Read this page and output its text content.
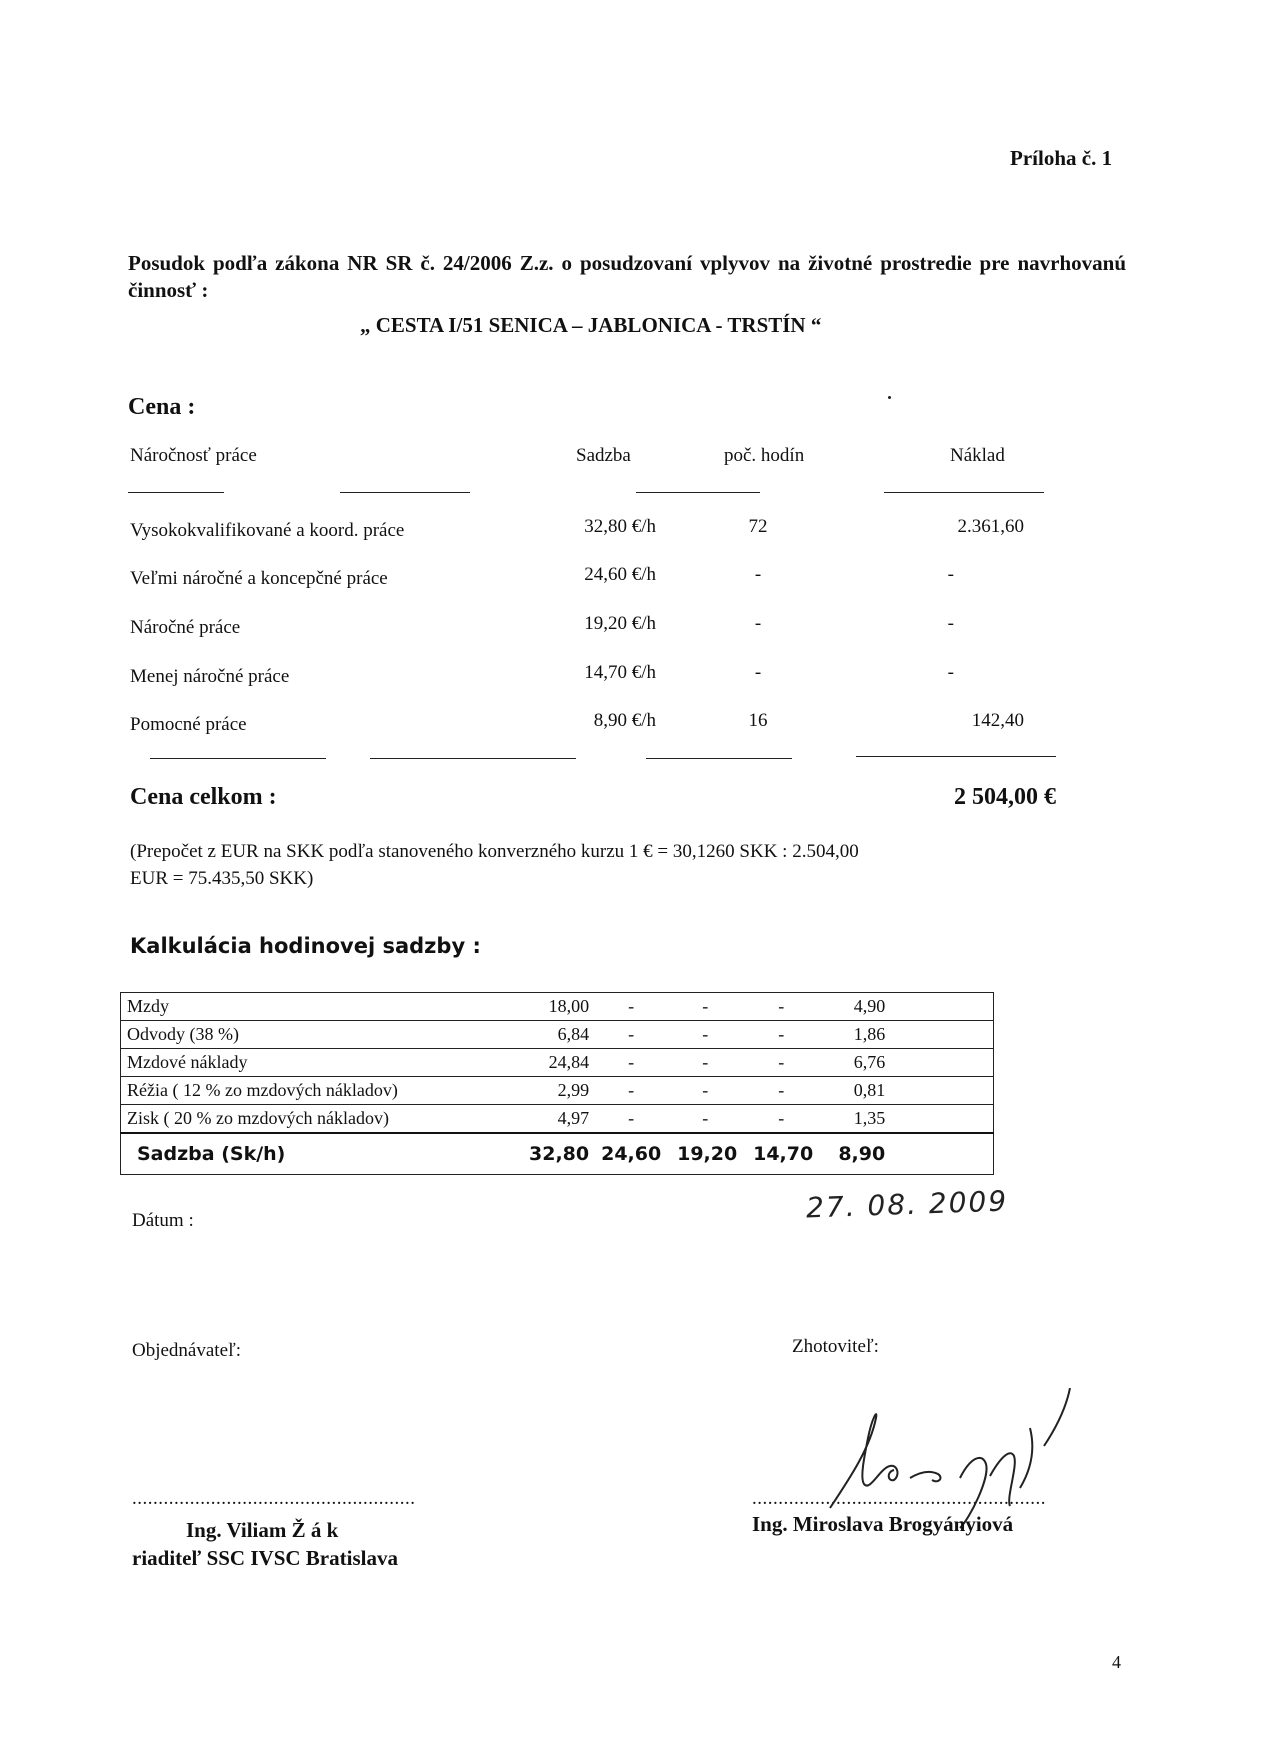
Príloha č. 1
Posudok podľa zákona NR SR č. 24/2006 Z.z. o posudzovaní vplyvov na životné prostredie pre navrhovanú činnosť :
„ CESTA I/51 SENICA – JABLONICA - TRSTÍN “
Cena :
Náročnosť práce	Sadzba	poč. hodín	Náklad
Vysokokvalifikované a koord. práce	32,80 €/h	72	2.361,60
Veľmi náročné a koncepčné práce	24,60 €/h	-	-
Náročné práce	19,20 €/h	-	-
Menej náročné práce	14,70 €/h	-	-
Pomocné práce	8,90 €/h	16	142,40
Cena celkom :	2 504,00 €
(Prepočet z EUR na SKK podľa stanoveného konverzného kurzu 1 € = 30,1260 SKK : 2.504,00 EUR = 75.435,50 SKK)
Kalkulácia hodinovej sadzby :
Mzdy	18,00	-	-	-	4,90	
Odvody (38 %)	6,84	-	-	-	1,86	
Mzdové náklady	24,84	-	-	-	6,76	
Réžia ( 12 % zo mzdových nákladov)	2,99	-	-	-	0,81	
Zisk ( 20 % zo mzdových nákladov)	4,97	-	-	-	1,35	
Sadzba (Sk/h)	32,80	24,60	19,20	14,70	8,90	
Dátum :	27. 08. 2009
Objednávateľ:	Zhotoviteľ:
......................................................	........................................................
Ing. Viliam Ž á k
riaditeľ SSC IVSC Bratislava
Ing. Miroslava Brogyányiová
4
